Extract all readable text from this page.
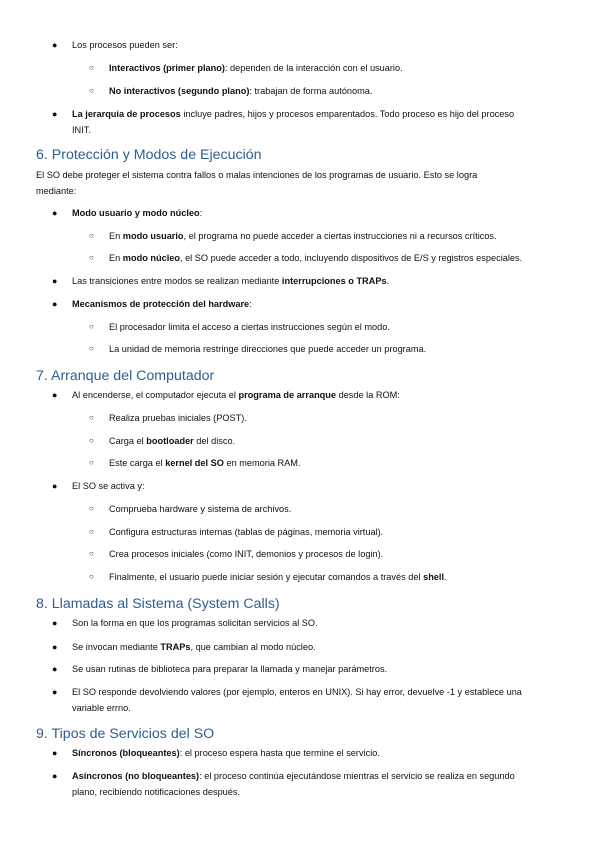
● Los procesos pueden ser:

○ Interactivos (primer plano): dependen de la interacción con el usuario.

○ No interactivos (segundo plano): trabajan de forma autónoma.

● La jerarquía de procesos incluye padres, hijos y procesos emparentados. Todo proceso es hijo del proceso
INIT.

6. Protección y Modos de Ejecución

El SO debe proteger el sistema contra fallos o malas intenciones de los programas de usuario. Esto se logra
mediante:

● Modo usuario y modo núcleo:

○ En modo usuario, el programa no puede acceder a ciertas instrucciones ni a recursos críticos.

○ En modo núcleo, el SO puede acceder a todo, incluyendo dispositivos de E/S y registros especiales.

● Las transiciones entre modos se realizan mediante interrupciones o TRAPs.

● Mecanismos de protección del hardware:

○ El procesador limita el acceso a ciertas instrucciones según el modo.

○ La unidad de memoria restringe direcciones que puede acceder un programa.

7. Arranque del Computador
● Al encenderse, el computador ejecuta el programa de arranque desde la ROM:

○ Realiza pruebas iniciales (POST).

○ Carga el bootloader del disco.

○ Este carga el kernel del SO en memoria RAM.

● El SO se activa y:

○ Comprueba hardware y sistema de archivos.

○ Configura estructuras internas (tablas de páginas, memoria virtual).

○ Crea procesos iniciales (como INIT, demonios y procesos de login).

○ Finalmente, el usuario puede iniciar sesión y ejecutar comandos a través del shell.

8. Llamadas al Sistema (System Calls)
● Son la forma en que los programas solicitan servicios al SO.

● Se invocan mediante TRAPs, que cambian al modo núcleo.

● Se usan rutinas de biblioteca para preparar la llamada y manejar parámetros.

● El SO responde devolviendo valores (por ejemplo, enteros en UNIX). Si hay error, devuelve -1 y establece una
variable errno.

9. Tipos de Servicios del SO
● Síncronos (bloqueantes): el proceso espera hasta que termine el servicio.

● Asíncronos (no bloqueantes): el proceso continúa ejecutándose mientras el servicio se realiza en segundo
plano, recibiendo notificaciones después.
